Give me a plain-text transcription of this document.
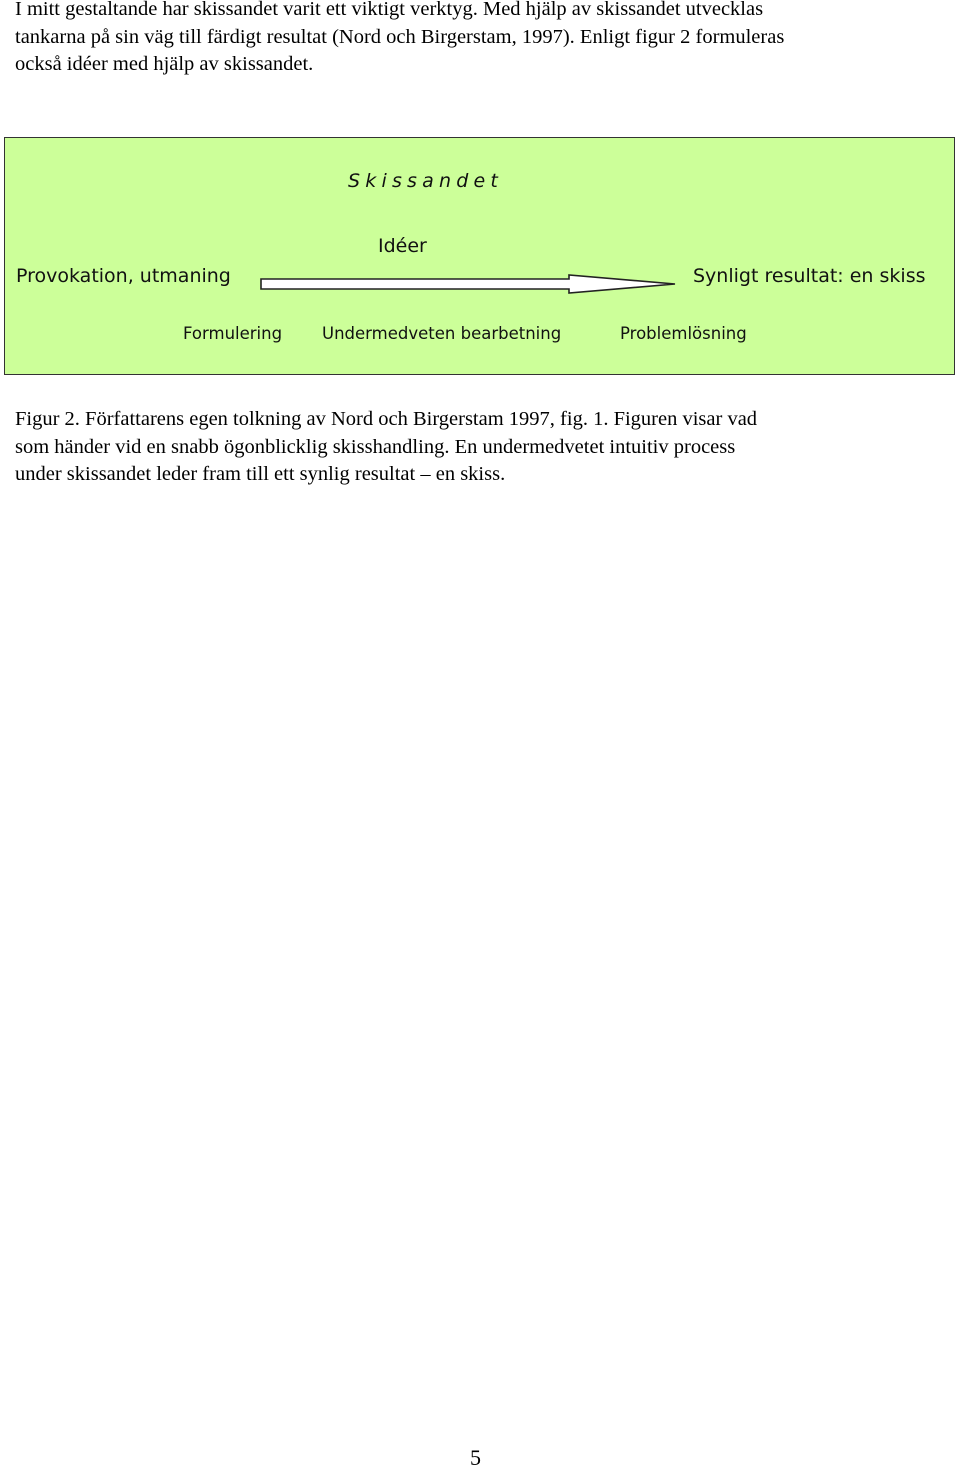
I mitt gestaltande har skissandet varit ett viktigt verktyg. Med hjälp av skissandet utvecklas
tankarna på sin väg till färdigt resultat (Nord och Birgerstam, 1997). Enligt figur 2 formuleras
också idéer med hjälp av skissandet.
Skissandet
Idéer
Provokation, utmaning	Synligt resultat: en skiss
Formulering Undermedveten bearbetning	Problemlösning
Figur 2. Författarens egen tolkning av Nord och Birgerstam 1997, fig. 1. Figuren visar vad
som händer vid en snabb ögonblicklig skisshandling. En undermedvetet intuitiv process
under skissandet leder fram till ett synlig resultat – en skiss.
5
